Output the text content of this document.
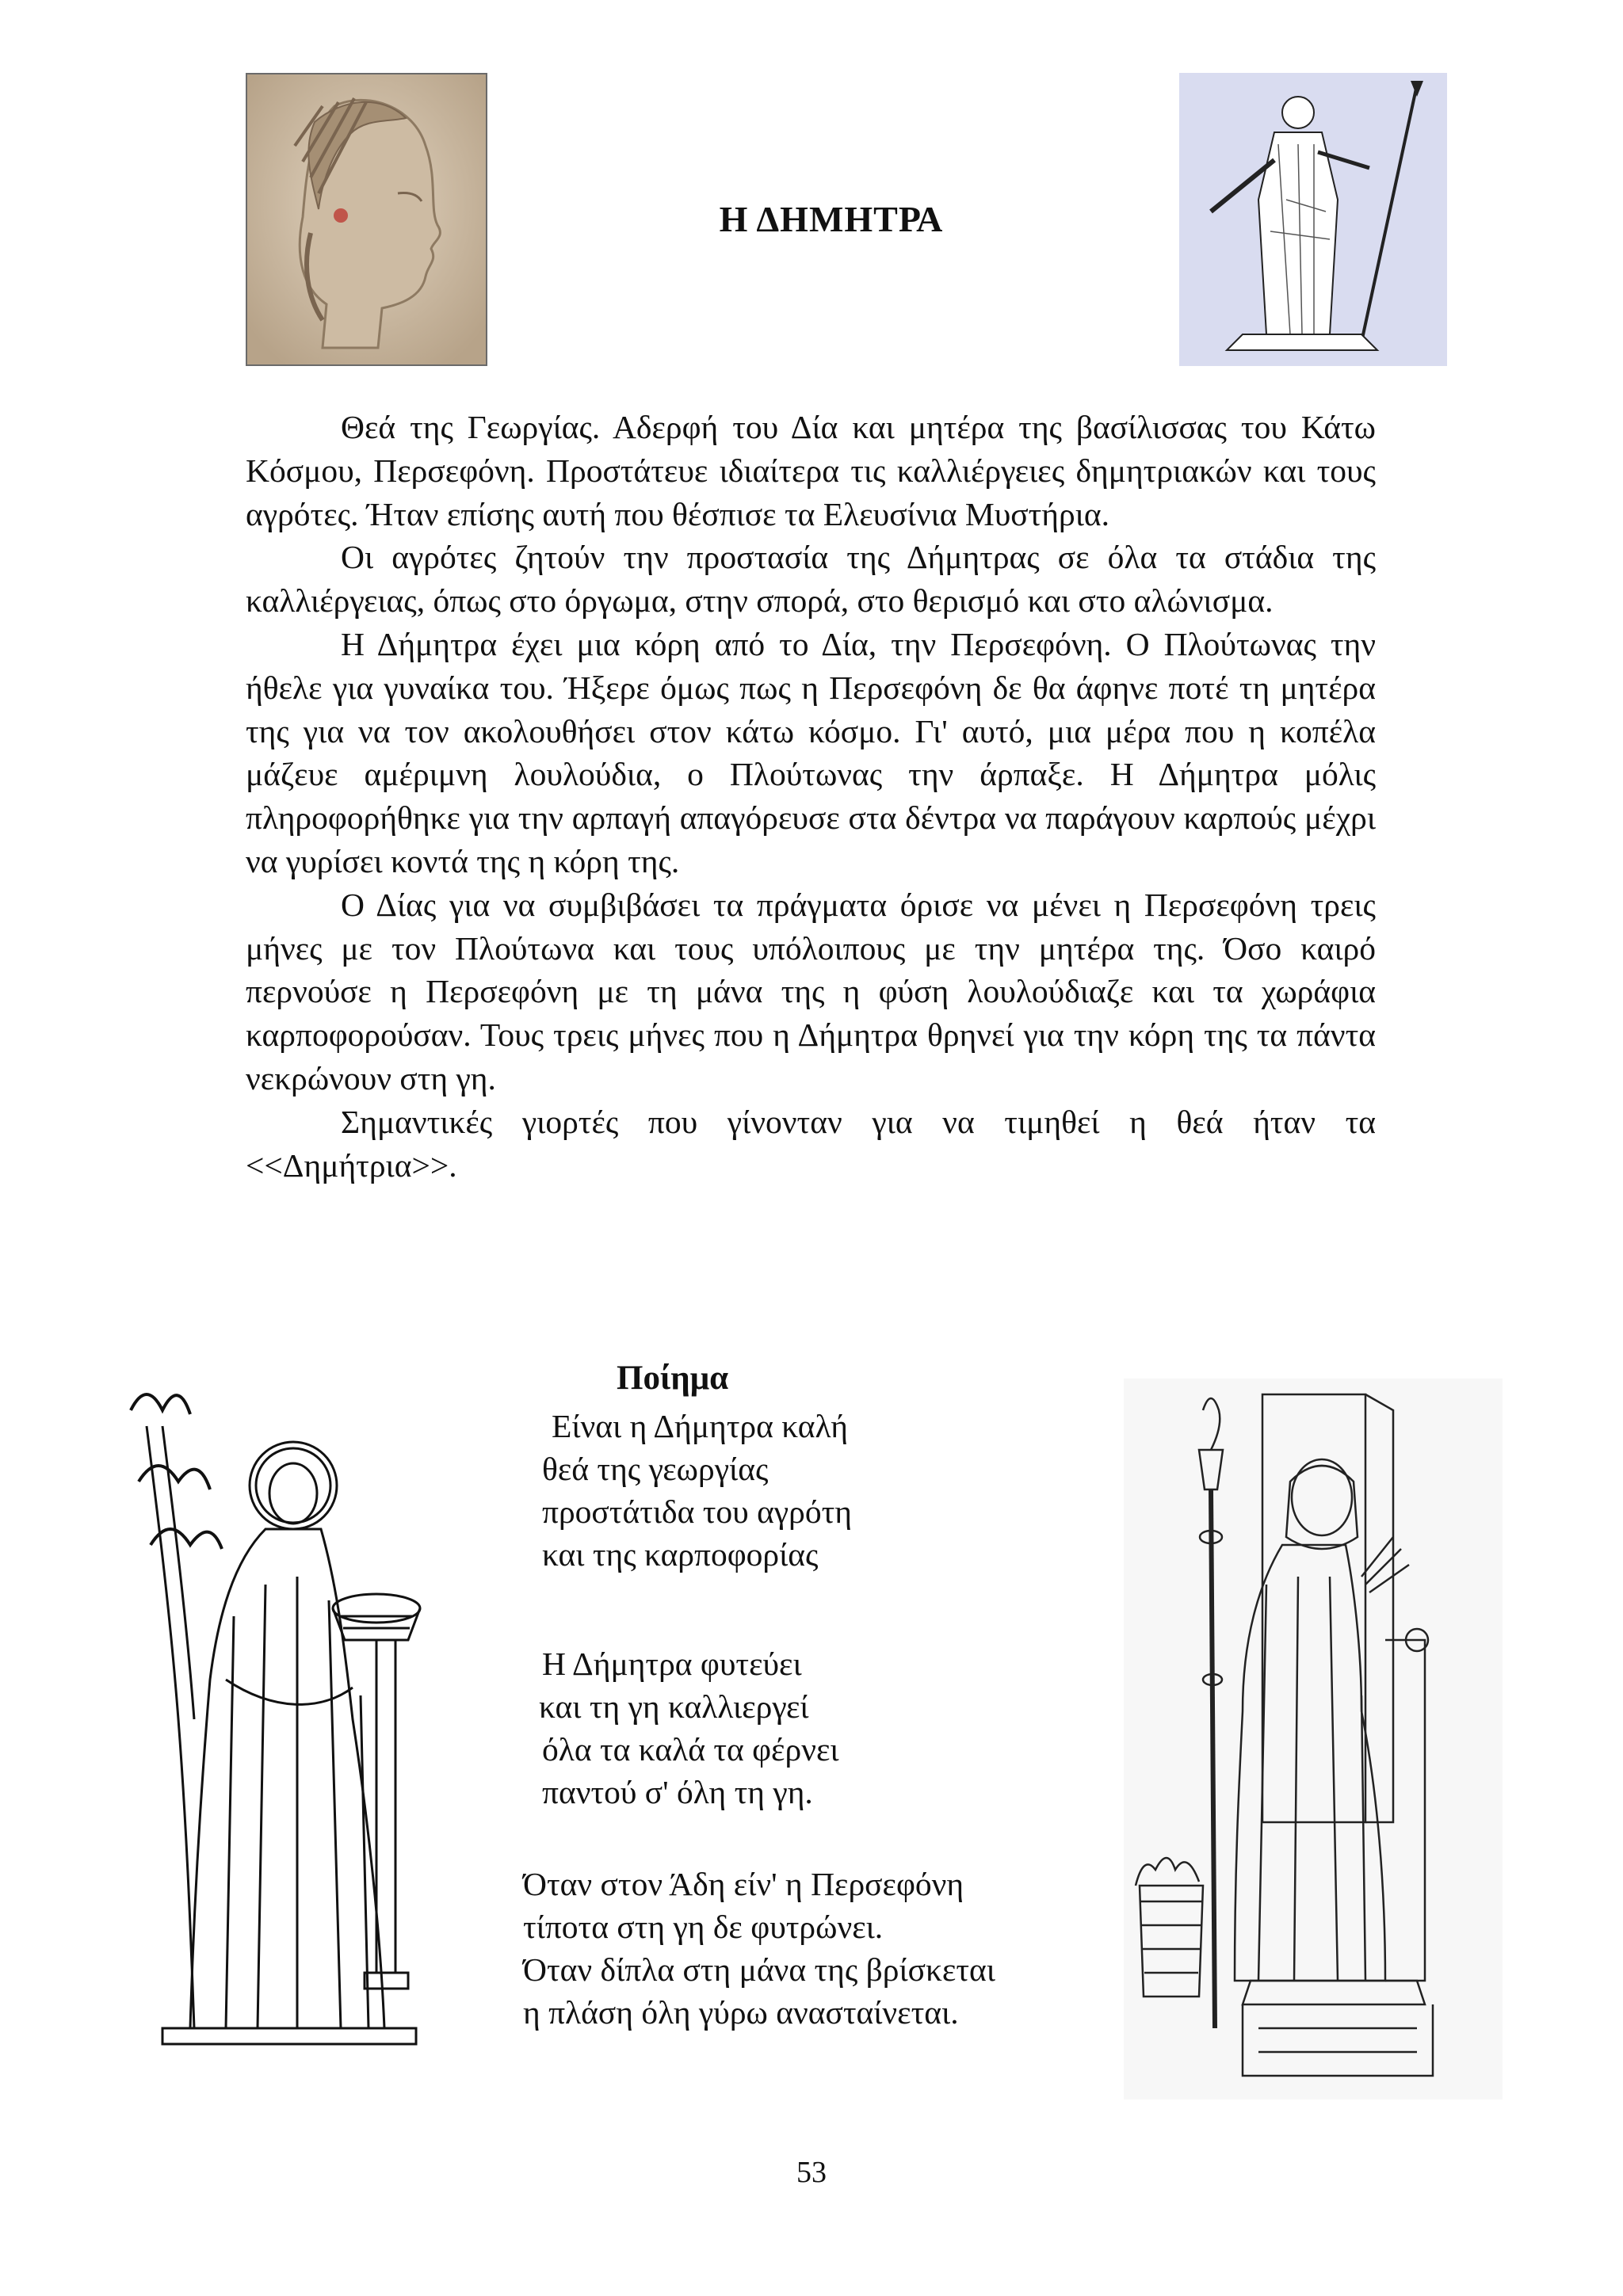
Η ΔΗΜΗΤΡΑ

Θεά της Γεωργίας. Αδερφή του Δία και μητέρα της βασίλισσας του Κάτω Κόσμου, Περσεφόνη. Προστάτευε ιδιαίτερα τις καλλιέργειες δημητριακών και τους αγρότες. Ήταν επίσης αυτή που θέσπισε τα Ελευσίνια Μυστήρια.

Οι αγρότες ζητούν την προστασία της Δήμητρας σε όλα τα στάδια της καλλιέργειας, όπως στο όργωμα, στην σπορά, στο θερισμό και στο αλώνισμα.

Η Δήμητρα έχει μια κόρη από το Δία, την Περσεφόνη. Ο Πλούτωνας την ήθελε για γυναίκα του. Ήξερε όμως πως η Περσεφόνη δε θα άφηνε ποτέ τη μητέρα της για να τον ακολουθήσει στον κάτω κόσμο. Γι' αυτό, μια μέρα που η κοπέλα μάζευε αμέριμνη λουλούδια, ο Πλούτωνας την άρπαξε. Η Δήμητρα μόλις πληροφορήθηκε για την αρπαγή απαγόρευσε στα δέντρα να παράγουν καρπούς μέχρι να γυρίσει κοντά της η κόρη της.

Ο Δίας για να συμβιβάσει τα πράγματα όρισε να μένει η Περσεφόνη τρεις μήνες με τον Πλούτωνα και τους υπόλοιπους με την μητέρα της. Όσο καιρό περνούσε η Περσεφόνη με τη μάνα της η φύση λουλούδιαζε και τα χωράφια καρποφορούσαν. Τους τρεις μήνες που η Δήμητρα θρηνεί για την κόρη της τα πάντα νεκρώνουν στη γη.

Σημαντικές γιορτές που γίνονταν για να τιμηθεί η θεά ήταν τα <<Δημήτρια>>.

Ποίημα
Είναι η Δήμητρα καλή
θεά της γεωργίας
προστάτιδα του αγρότη
και της καρποφορίας
Η Δήμητρα φυτεύει
και τη γη καλλιεργεί
όλα τα καλά τα φέρνει
παντού σ' όλη τη γη.
Όταν στον Άδη είν' η Περσεφόνη
τίποτα στη γη δε φυτρώνει.
Όταν δίπλα στη μάνα της βρίσκεται
η πλάση όλη γύρω ανασταίνεται.
53
